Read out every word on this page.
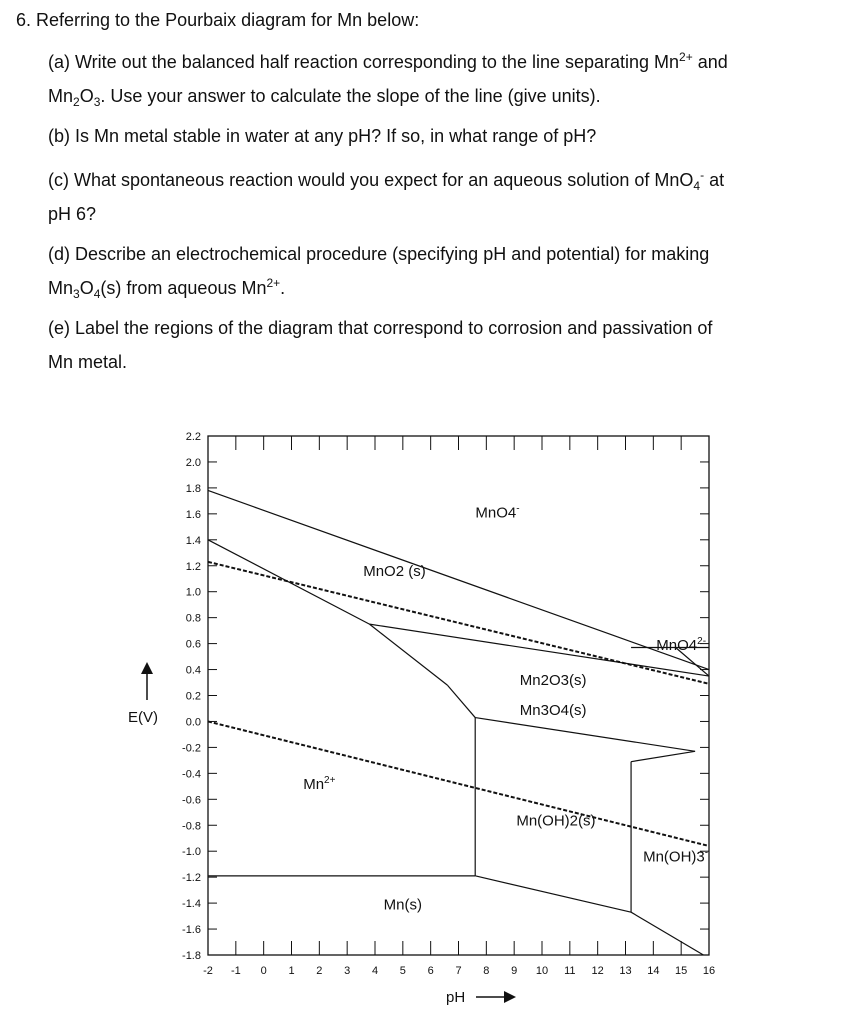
6. Referring to the Pourbaix diagram for Mn below:
(a) Write out the balanced half reaction corresponding to the line separating $Mn^{2+}$ and
$Mn_2O_3$. Use your answer to calculate the slope of the line (give units).
(b) Is Mn metal stable in water at any pH? If so, in what range of pH?
(c) What spontaneous reaction would you expect for an aqueous solution of MnO$_4$- at
pH 6?
(d) Describe an electrochemical procedure (specifying pH and potential) for making
$Mn_3O_4(s)$ from aqueous $Mn^{2+}$.
(e) Label the regions of the diagram that correspond to corrosion and passivation of
Mn metal.
2.2
2.0
1.8
1.6
1.4
1.2
1.0
0.8
0.6
0.4
0.2
0.0
-0.2
-0.4
-0.6
-0.8
-1.0
-1.2
-1.4
-1.6
-1.8
-2 -1 0 1 2 3 4 5 6 7 8 9 10 11 12 13 14 15 16
MnO4-
MnO2 (s)
$MnO4^{2-}$
Mn2O3(s)
Mn3O4(s)
$Mn^{2+}$
Mn(OH)2(s)
Mn(OH)3-
Mn(s)
E(V)
pH
